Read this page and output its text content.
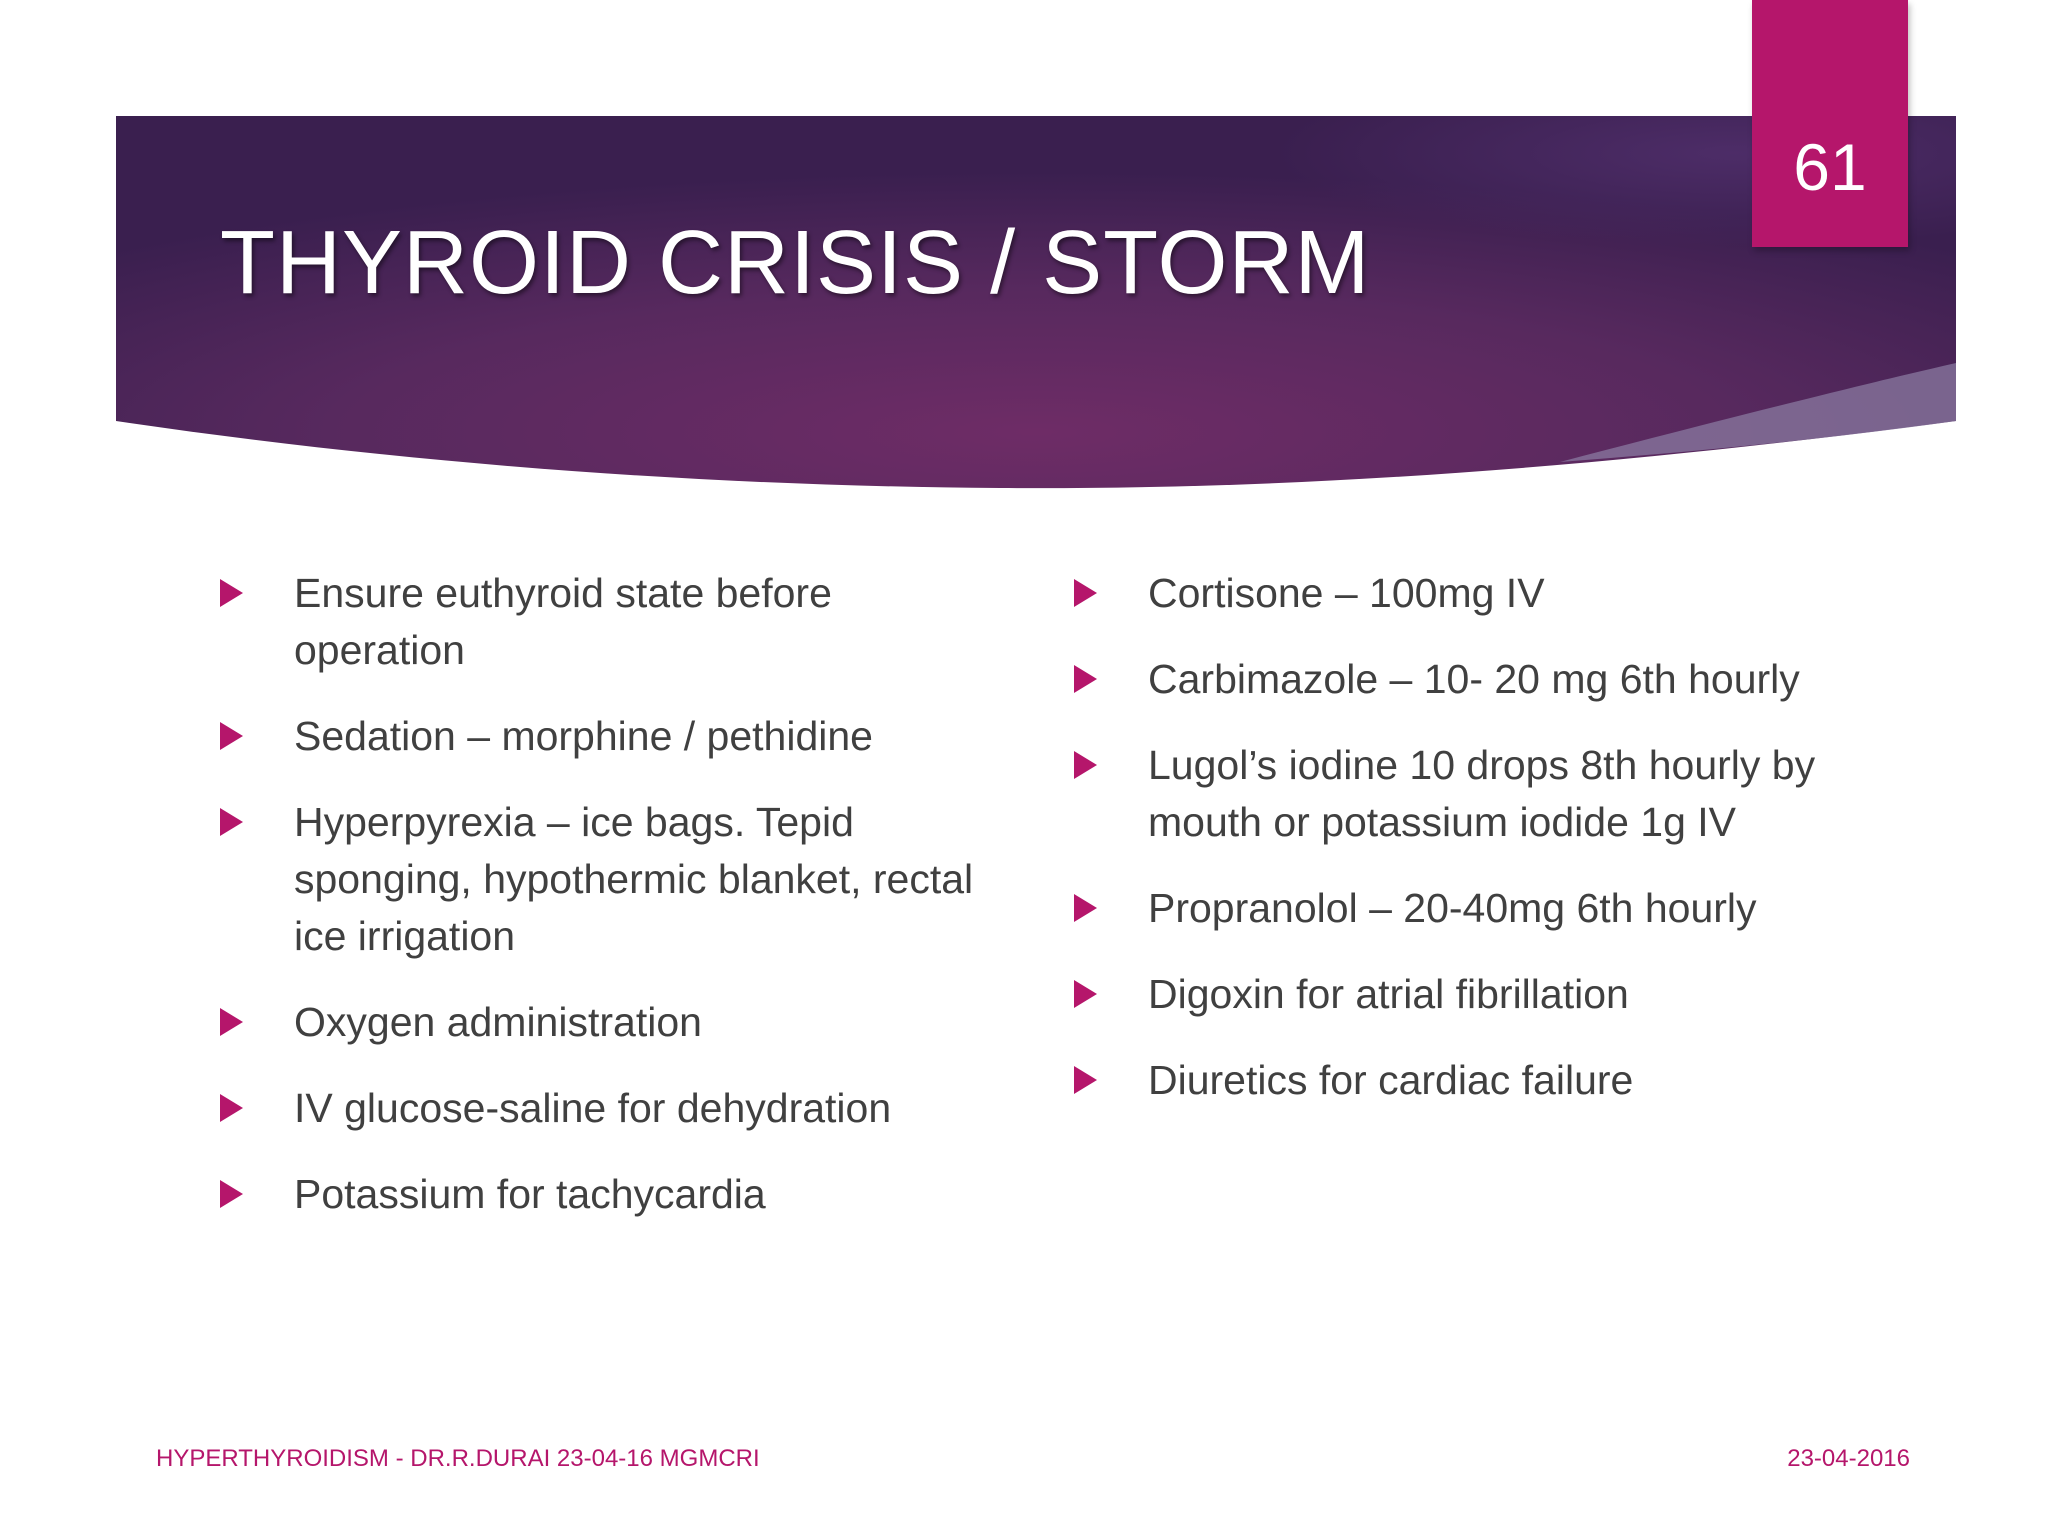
THYROID CRISIS / STORM
61
Ensure euthyroid state before operation
Sedation – morphine / pethidine
Hyperpyrexia – ice bags. Tepid sponging, hypothermic blanket, rectal ice irrigation
Oxygen administration
IV glucose-saline for dehydration
Potassium for tachycardia
Cortisone – 100mg IV
Carbimazole – 10- 20 mg 6th hourly
Lugol’s iodine 10 drops 8th hourly by mouth or potassium iodide 1g IV
Propranolol – 20-40mg 6th hourly
Digoxin for atrial fibrillation
Diuretics for cardiac failure
HYPERTHYROIDISM - DR.R.DURAI 23-04-16 MGMCRI	23-04-2016
